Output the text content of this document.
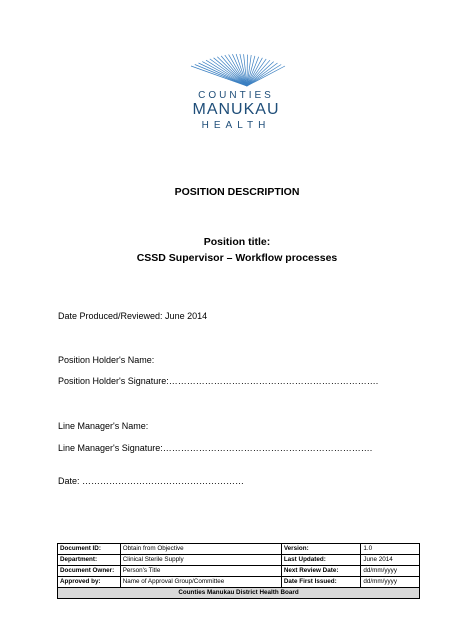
COUNTIES
MANUKAU
HEALTH
POSITION DESCRIPTION
Position title:
CSSD Supervisor – Workflow processes
Date Produced/Reviewed: June 2014
Position Holder's Name:
Position Holder's Signature:…………………………………………………………….
Line Manager's Name:
Line Manager's Signature:…………………………………………………………….
Date: ………………………………………………
Document ID:	Obtain from Objective	Version:	1.0
Department:	Clinical Sterile Supply	Last Updated:	June 2014
Document Owner:	Person's Title	Next Review Date:	dd/mm/yyyy
Approved by:	Name of Approval Group/Committee	Date First Issued:	dd/mm/yyyy
Counties Manukau District Health Board			
